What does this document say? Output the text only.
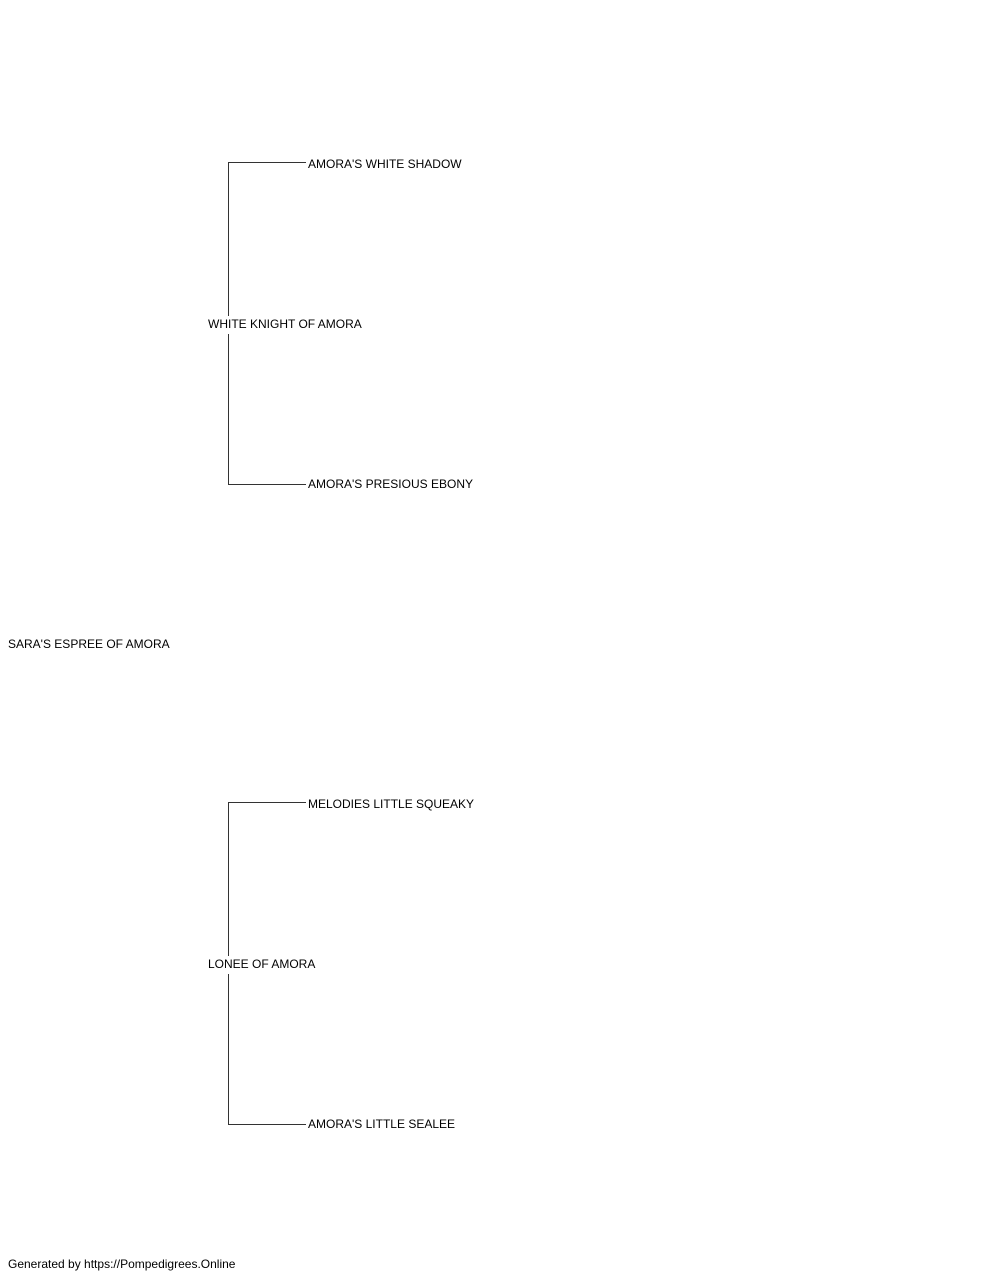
AMORA'S WHITE SHADOW
WHITE KNIGHT OF AMORA
AMORA'S PRESIOUS EBONY
SARA'S ESPREE OF AMORA
MELODIES LITTLE SQUEAKY
LONEE OF AMORA
AMORA'S LITTLE SEALEE
Generated by https://Pompedigrees.Online
